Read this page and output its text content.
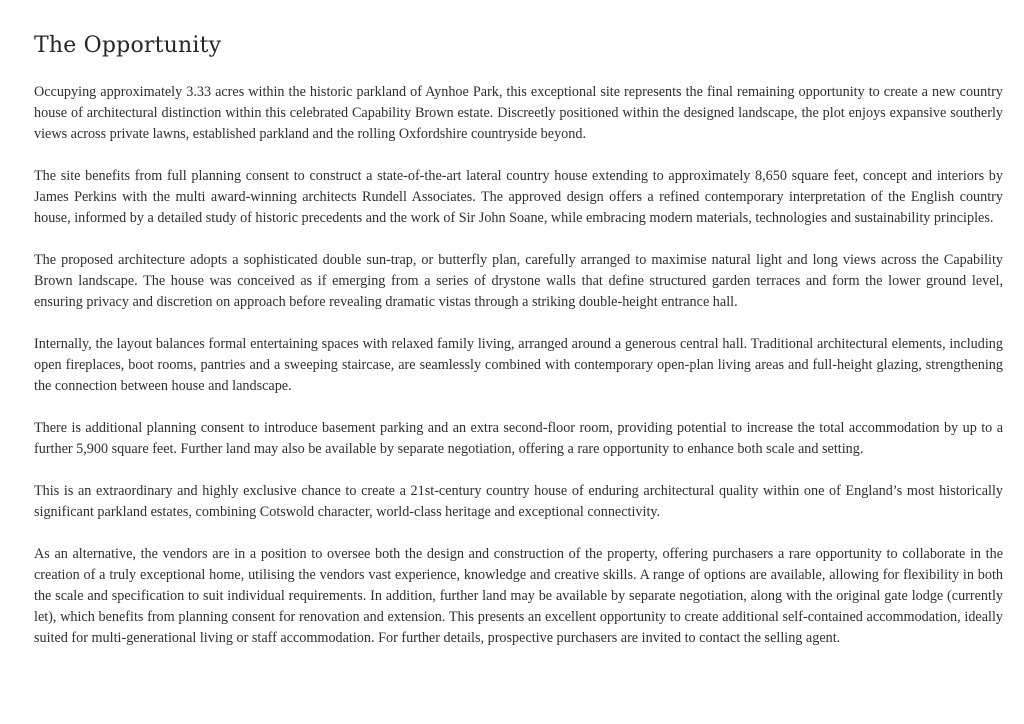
The Opportunity

Occupying approximately 3.33 acres within the historic parkland of Aynhoe Park, this exceptional site represents the final remaining opportunity to create a new country house of architectural distinction within this celebrated Capability Brown estate. Discreetly positioned within the designed landscape, the plot enjoys expansive southerly views across private lawns, established parkland and the rolling Oxfordshire countryside beyond.

The site benefits from full planning consent to construct a state-of-the-art lateral country house extending to approximately 8,650 square feet, concept and interiors by James Perkins with the multi award-winning architects Rundell Associates. The approved design offers a refined contemporary interpretation of the English country house, informed by a detailed study of historic precedents and the work of Sir John Soane, while embracing modern materials, technologies and sustainability principles.

The proposed architecture adopts a sophisticated double sun-trap, or butterfly plan, carefully arranged to maximise natural light and long views across the Capability Brown landscape. The house was conceived as if emerging from a series of drystone walls that define structured garden terraces and form the lower ground level, ensuring privacy and discretion on approach before revealing dramatic vistas through a striking double-height entrance hall.

Internally, the layout balances formal entertaining spaces with relaxed family living, arranged around a generous central hall. Traditional architectural elements, including open fireplaces, boot rooms, pantries and a sweeping staircase, are seamlessly combined with contemporary open-plan living areas and full-height glazing, strengthening the connection between house and landscape.

There is additional planning consent to introduce basement parking and an extra second-floor room, providing potential to increase the total accommodation by up to a further 5,900 square feet. Further land may also be available by separate negotiation, offering a rare opportunity to enhance both scale and setting.

This is an extraordinary and highly exclusive chance to create a 21st-century country house of enduring architectural quality within one of England’s most historically significant parkland estates, combining Cotswold character, world-class heritage and exceptional connectivity.

As an alternative, the vendors are in a position to oversee both the design and construction of the property, offering purchasers a rare opportunity to collaborate in the creation of a truly exceptional home, utilising the vendors vast experience, knowledge and creative skills. A range of options are available, allowing for flexibility in both the scale and specification to suit individual requirements. In addition, further land may be available by separate negotiation, along with the original gate lodge (currently let), which benefits from planning consent for renovation and extension. This presents an excellent opportunity to create additional self-contained accommodation, ideally suited for multi-generational living or staff accommodation. For further details, prospective purchasers are invited to contact the selling agent.
